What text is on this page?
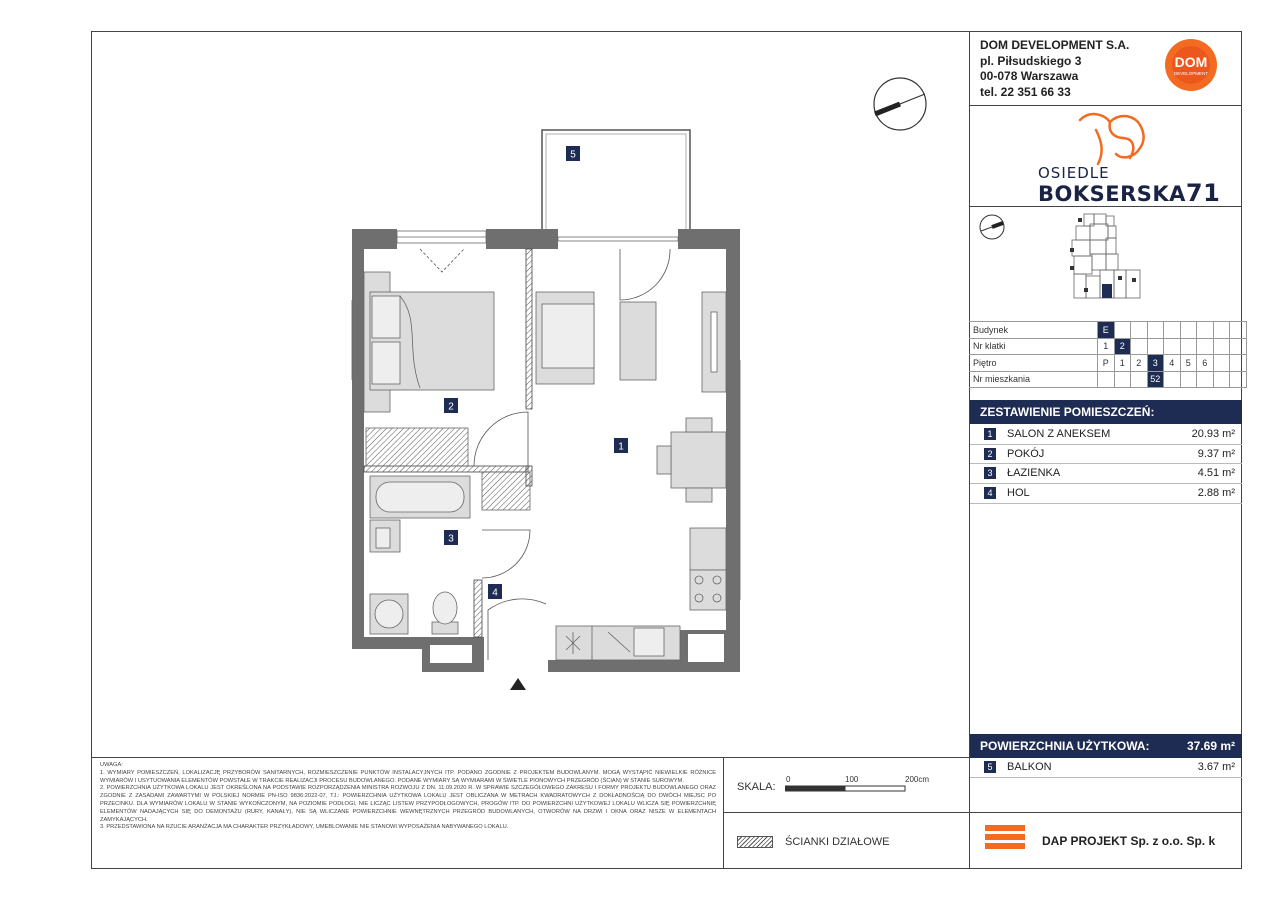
DOM DEVELOPMENT S.A.
pl. Piłsudskiego 3
00-078 Warszawa
tel. 22 351 66 33
DOM
DEVELOPMENT
OSIEDLE
BOKSERSKA71
Budynek	E								
Nr klatki	1	2							
Piętro	P	1	2	3	4	5	6		
Nr mieszkania				52					
ZESTAWIENIE POMIESZCZEŃ:
1	SALON Z ANEKSEM	20.93 m²
2	POKÓJ	9.37 m²
3	ŁAZIENKA	4.51 m²
4	HOL	2.88 m²
POWIERZCHNIA UŻYTKOWA:	37.69 m²
5	BALKON	3.67 m²
UWAGA:
1. WYMIARY POMIESZCZEŃ, LOKALIZACJĘ PRZYBORÓW SANITARNYCH, ROZMIESZCZENIE PUNKTÓW INSTALACYJNYCH ITP. PODANO ZGODNIE Z PROJEKTEM BUDOWLANYM. MOGĄ WYSTĄPIĆ NIEWIELKIE RÓŻNICE WYMIARÓW I USYTUOWANIA ELEMENTÓW POWSTAŁE W TRAKCIE REALIZACJI PROCESU BUDOWLANEGO. PODANE WYMIARY SĄ WYMIARAMI W ŚWIETLE PIONOWYCH PRZEGRÓD (ŚCIAN) W STANIE SUROWYM.
2. POWIERZCHNIA UŻYTKOWA LOKALU JEST OKREŚLONA NA PODSTAWIE ROZPORZĄDZENIA MINISTRA ROZWOJU Z DN. 11.09.2020 R. W SPRAWIE SZCZEGÓŁOWEGO ZAKRESU I FORMY PROJEKTU BUDOWLANEGO ORAZ ZGODNIE Z ZASADAMI ZAWARTYMI W POLSKIEJ NORMIE PN-ISO 9836:2022-07, TJ.: POWIERZCHNIA UŻYTKOWA LOKALU JEST OBLICZANA W METRACH KWADRATOWYCH Z DOKŁADNOŚCIĄ DO DWÓCH MIEJSC PO PRZECINKU. DLA WYMIARÓW LOKALU W STANIE WYKOŃCZONYM, NA POZIOMIE PODŁOGI, NIE LICZĄC LISTEW PRZYPODŁOGOWYCH, PROGÓW ITP. DO POWIERZCHNI UŻYTKOWEJ LOKALU WLICZA SIĘ POWIERZCHNIĘ ELEMENTÓW NADAJĄCYCH SIĘ DO DEMONTAŻU (RURY, KANAŁY), NIE SĄ WLICZANE POWIERZCHNIE WEWNĘTRZNYCH PRZEGRÓD BUDOWLANYCH, OTWORÓW NA DRZWI I OKNA ORAZ NISZE W ELEMENTACH ZAMYKAJĄCYCH.
3. PRZEDSTAWIONA NA RZUCIE ARANŻACJA MA CHARAKTER PRZYKŁADOWY, UMEBLOWANIE NIE STANOWI WYPOSAŻENIA NABYWANEGO LOKALU.
SKALA:
0	100	200cm
ŚCIANKI DZIAŁOWE	DAP PROJEKT Sp. z o.o. Sp. k
1
2
3
4
5
